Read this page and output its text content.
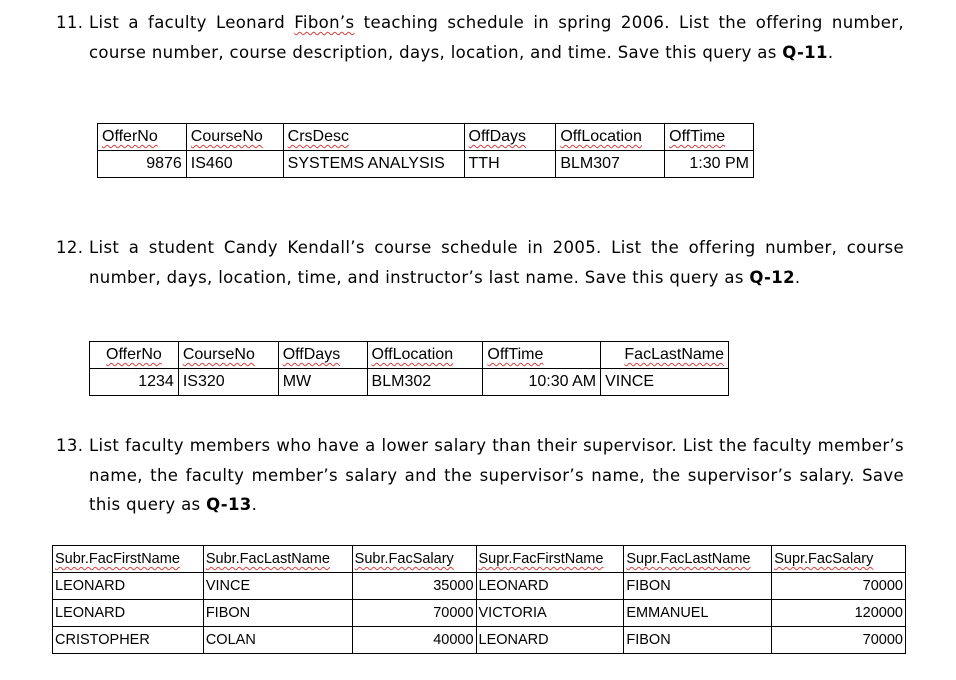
11. List a faculty Leonard Fibon’s teaching schedule in spring 2006. List the offering number, course number, course description, days, location, and time. Save this query as Q-11.
OfferNo	CourseNo	CrsDesc	OffDays	OffLocation	OffTime
9876	IS460	SYSTEMS ANALYSIS	TTH	BLM307	1:30 PM
12. List a student Candy Kendall’s course schedule in 2005. List the offering number, course number, days, location, time, and instructor’s last name. Save this query as Q-12.
OfferNo	CourseNo	OffDays	OffLocation	OffTime	FacLastName
1234	IS320	MW	BLM302	10:30 AM	VINCE
13. List faculty members who have a lower salary than their supervisor. List the faculty member’s name, the faculty member’s salary and the supervisor’s name, the supervisor’s salary. Save this query as Q-13.
Subr.FacFirstName	Subr.FacLastName	Subr.FacSalary	Supr.FacFirstName	Supr.FacLastName	Supr.FacSalary
LEONARD	VINCE	35000	LEONARD	FIBON	70000
LEONARD	FIBON	70000	VICTORIA	EMMANUEL	120000
CRISTOPHER	COLAN	40000	LEONARD	FIBON	70000
